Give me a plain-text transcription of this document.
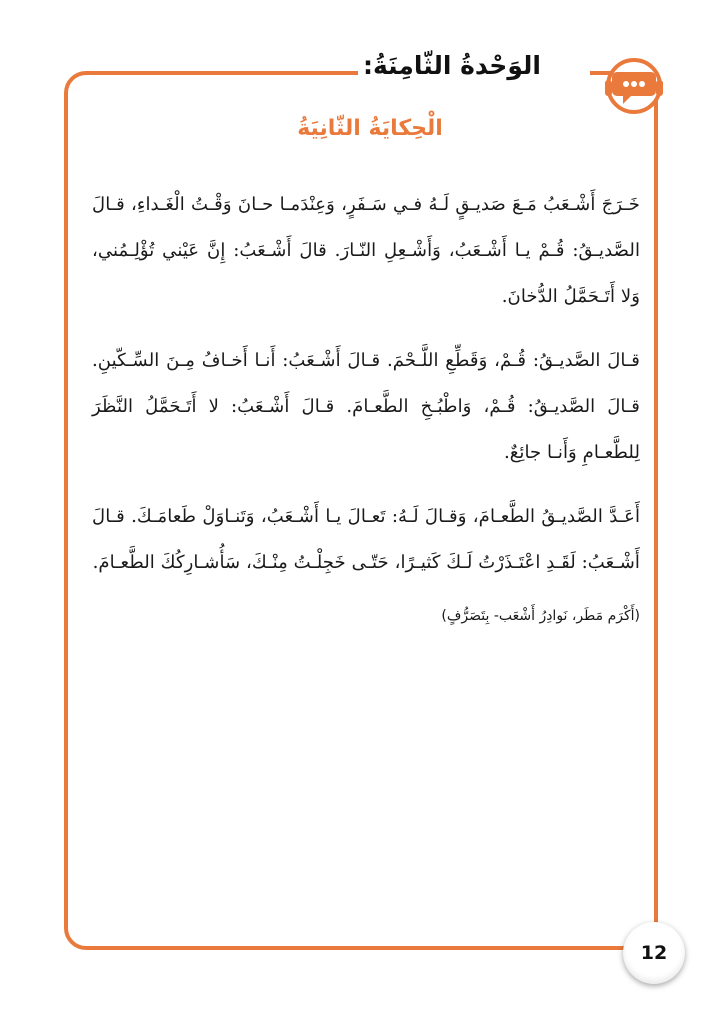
الوَحْدةُ الثّامِنَةُ:
الْحِكايَةُ الثّانِيَةُ

خَـرَجَ أَشْـعَبُ مَـعَ صَديـقٍ لَـهُ فـي سَـفَرٍ، وَعِنْدَمـا حـانَ وَقْـتُ الْغَـداءِ، قـالَ الصَّديـقُ: قُـمْ يـا أَشْـعَبُ، وَأَشْـعِلِ النّـارَ. قالَ أَشْـعَبُ: إِنَّ عَيْني تُؤْلِـمُني، وَلا أَتَـحَمَّلُ الدُّخانَ.

قـالَ الصَّديـقُ: قُـمْ، وَقَطِّعِ اللَّـحْمَ. قـالَ أَشْـعَبُ: أَنـا أَخـافُ مِـنَ السِّـكّينِ. قـالَ الصَّديـقُ: قُـمْ، وَاطْبُـخِ الطَّعـامَ. قـالَ أَشْـعَبُ: لا أَتَـحَمَّلُ النَّظَرَ لِلطَّعـامِ وَأَنـا جائِعٌ.

أَعَـدَّ الصَّديـقُ الطَّعـامَ، وَقـالَ لَـهُ: تَعـالَ يـا أَشْـعَبُ، وَتَنـاوَلْ طَعامَـكَ. قـالَ أَشْـعَبُ: لَقَـدِ اعْتَـذَرْتُ لَـكَ كَثيـرًا، حَتّـى خَجِلْـتُ مِنْـكَ، سَأُشـارِكُكَ الطَّعـامَ.

(أَكْرَم مَطَر، نَوادِرُ أَشْعَب- بِتَصَرُّفٍ)
12
